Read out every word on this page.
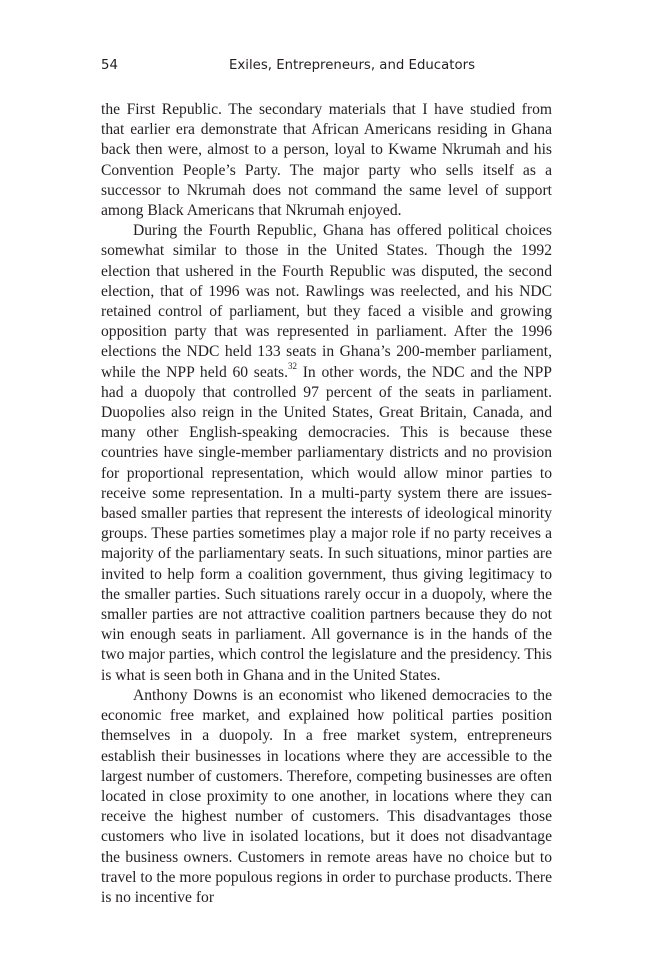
54	Exiles, Entrepreneurs, and Educators

the First Republic. The secondary materials that I have studied from that earlier era demonstrate that African Americans residing in Ghana back then were, almost to a person, loyal to Kwame Nkrumah and his Convention People’s Party. The major party who sells itself as a successor to Nkrumah does not command the same level of support among Black Americans that Nkrumah enjoyed.

During the Fourth Republic, Ghana has offered political choices somewhat similar to those in the United States. Though the 1992 election that ushered in the Fourth Republic was disputed, the second election, that of 1996 was not. Rawlings was reelected, and his NDC retained control of parliament, but they faced a visible and growing opposition party that was represented in parliament. After the 1996 elections the NDC held 133 seats in Ghana’s 200-member parliament, while the NPP held 60 seats.$^{32}$ In other words, the NDC and the NPP had a duopoly that controlled 97 percent of the seats in parliament. Duopolies also reign in the United States, Great Britain, Canada, and many other English-speaking democracies. This is because these countries have single-member parliamentary districts and no provision for proportional representation, which would allow minor parties to receive some representation. In a multi-party system there are issues-based smaller parties that represent the interests of ideological minority groups. These parties sometimes play a major role if no party receives a majority of the parliamentary seats. In such situations, minor parties are invited to help form a coalition government, thus giving legitimacy to the smaller parties. Such situations rarely occur in a duopoly, where the smaller parties are not attractive coalition partners because they do not win enough seats in parliament. All governance is in the hands of the two major parties, which control the legislature and the presidency. This is what is seen both in Ghana and in the United States.

Anthony Downs is an economist who likened democracies to the economic free market, and explained how political parties position themselves in a duopoly. In a free market system, entrepreneurs establish their businesses in locations where they are accessible to the largest number of customers. Therefore, competing businesses are often located in close proximity to one another, in locations where they can receive the highest number of customers. This disadvantages those customers who live in isolated locations, but it does not disadvantage the business owners. Customers in remote areas have no choice but to travel to the more populous regions in order to purchase products. There is no incentive for
